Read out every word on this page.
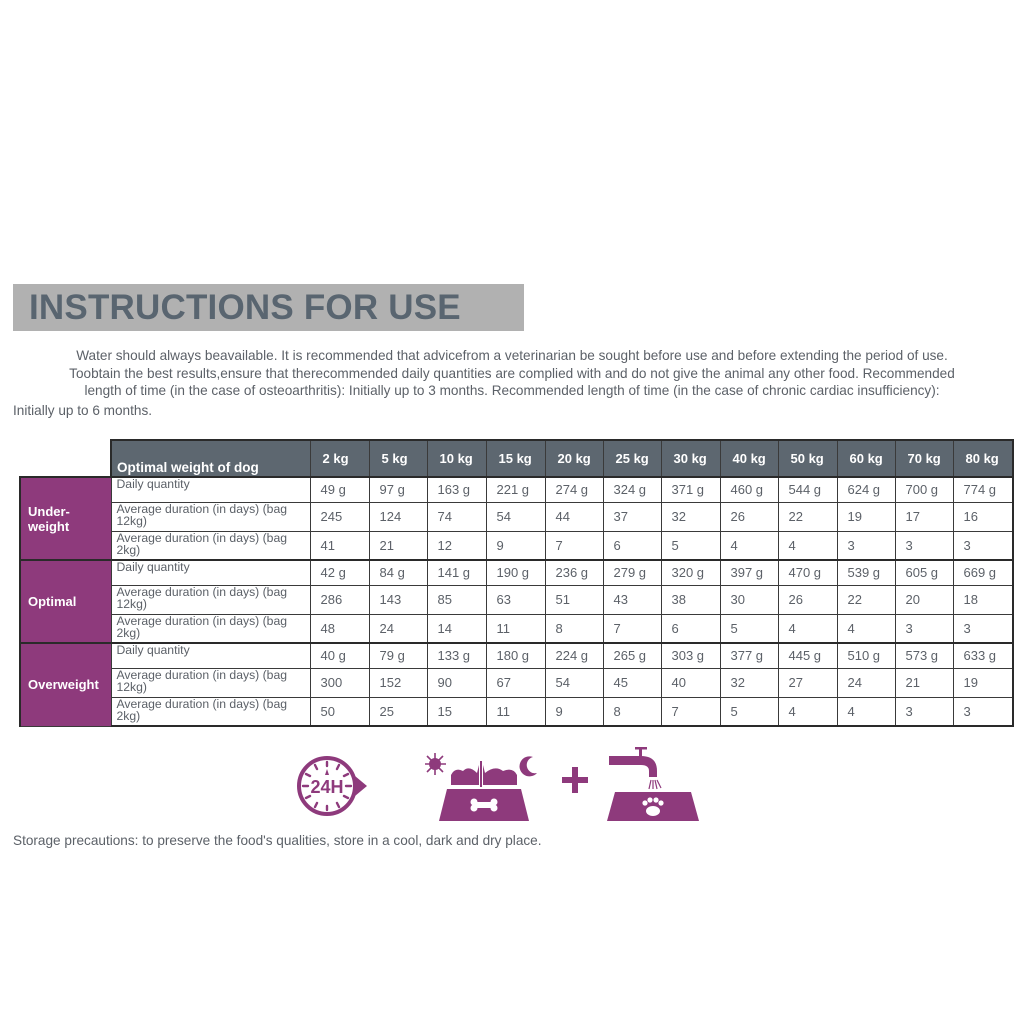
INSTRUCTIONS FOR USE
Water should always beavailable. It is recommended that advicefrom a veterinarian be sought before use and before extending the period of use.
Toobtain the best results,ensure that therecommended daily quantities are complied with and do not give the animal any other food. Recommended
length of time (in the case of osteoarthritis): Initially up to 3 months. Recommended length of time (in the case of chronic cardiac insufficiency):
Initially up to 6 months.
	Optimal weight of dog	2 kg	5 kg	10 kg	15 kg	20 kg	25 kg	30 kg	40 kg	50 kg	60 kg	70 kg	80 kg
Under-weight	Daily quantity	49 g	97 g	163 g	221 g	274 g	324 g	371 g	460 g	544 g	624 g	700 g	774 g
	Average duration (in days) (bag 12kg)	245	124	74	54	44	37	32	26	22	19	17	16
	Average duration (in days) (bag 2kg)	41	21	12	9	7	6	5	4	4	3	3	3
Optimal	Daily quantity	42 g	84 g	141 g	190 g	236 g	279 g	320 g	397 g	470 g	539 g	605 g	669 g
	Average duration (in days) (bag 12kg)	286	143	85	63	51	43	38	30	26	22	20	18
	Average duration (in days) (bag 2kg)	48	24	14	11	8	7	6	5	4	4	3	3
Overweight	Daily quantity	40 g	79 g	133 g	180 g	224 g	265 g	303 g	377 g	445 g	510 g	573 g	633 g
	Average duration (in days) (bag 12kg)	300	152	90	67	54	45	40	32	27	24	21	19
	Average duration (in days) (bag 2kg)	50	25	15	11	9	8	7	5	4	4	3	3
24H
Storage precautions: to preserve the food's qualities, store in a cool, dark and dry place.
